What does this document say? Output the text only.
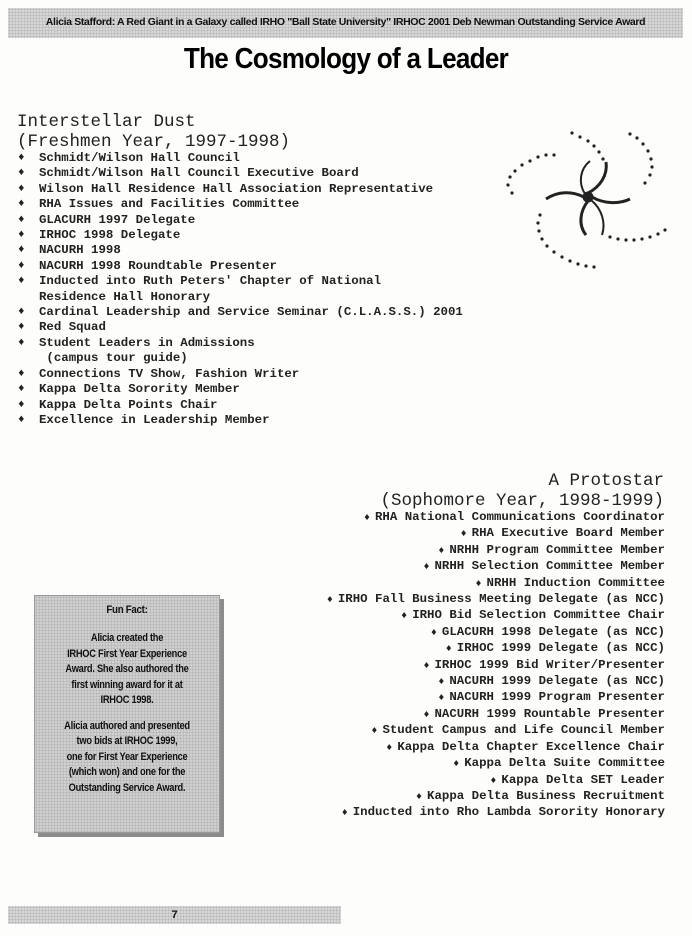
Alicia Stafford: A Red Giant in a Galaxy called IRHO "Ball State University" IRHOC 2001 Deb Newman Outstanding Service Award
The Cosmology of a Leader
Interstellar Dust
(Freshmen Year, 1997-1998)
♦ Schmidt/Wilson Hall Council
♦ Schmidt/Wilson Hall Council Executive Board
♦ Wilson Hall Residence Hall Association Representative
♦ RHA Issues and Facilities Committee
♦ GLACURH 1997 Delegate
♦ IRHOC 1998 Delegate
♦ NACURH 1998
♦ NACURH 1998 Roundtable Presenter
♦ Inducted into Ruth Peters' Chapter of National
Residence Hall Honorary
♦ Cardinal Leadership and Service Seminar (C.L.A.S.S.) 2001
♦ Red Squad
♦ Student Leaders in Admissions
(campus tour guide)
♦ Connections TV Show, Fashion Writer
♦ Kappa Delta Sorority Member
♦ Kappa Delta Points Chair
♦ Excellence in Leadership Member
A Protostar
(Sophomore Year, 1998-1999)
♦ RHA National Communications Coordinator
♦ RHA Executive Board Member
♦ NRHH Program Committee Member
♦ NRHH Selection Committee Member
♦ NRHH Induction Committee
♦ IRHO Fall Business Meeting Delegate (as NCC)
♦ IRHO Bid Selection Committee Chair
♦ GLACURH 1998 Delegate (as NCC)
♦ IRHOC 1999 Delegate (as NCC)
♦ IRHOC 1999 Bid Writer/Presenter
♦ NACURH 1999 Delegate (as NCC)
♦ NACURH 1999 Program Presenter
♦ NACURH 1999 Rountable Presenter
♦ Student Campus and Life Council Member
♦ Kappa Delta Chapter Excellence Chair
♦ Kappa Delta Suite Committee
♦ Kappa Delta SET Leader
♦ Kappa Delta Business Recruitment
♦ Inducted into Rho Lambda Sorority Honorary
Fun Fact:

Alicia created the
IRHOC First Year Experience
Award. She also authored the
first winning award for it at
IRHOC 1998.

Alicia authored and presented
two bids at IRHOC 1999,
one for First Year Experience
(which won) and one for the
Outstanding Service Award.

7
